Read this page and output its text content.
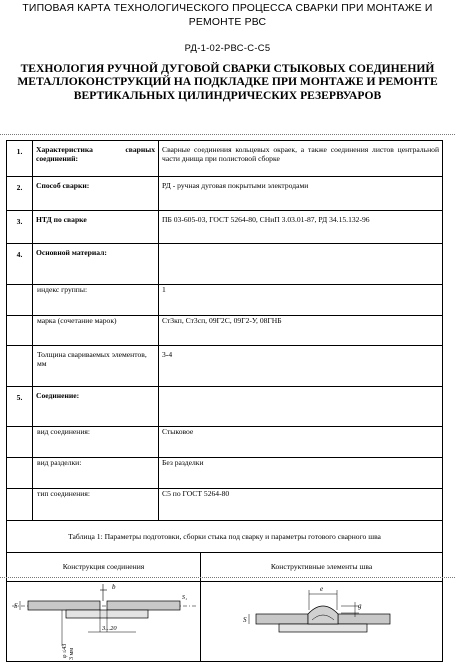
ТИПОВАЯ КАРТА ТЕХНОЛОГИЧЕСКОГО ПРОЦЕССА СВАРКИ ПРИ МОНТАЖЕ И РЕМОНТЕ РВС
РД-1-02-РВС-С-С5
ТЕХНОЛОГИЯ РУЧНОЙ ДУГОВОЙ СВАРКИ СТЫКОВЫХ СОЕДИНЕНИЙ МЕТАЛЛОКОНСТРУКЦИЙ НА ПОДКЛАДКЕ ПРИ МОНТАЖЕ И РЕМОНТЕ ВЕРТИКАЛЬНЫХ ЦИЛИНДРИЧЕСКИХ РЕЗЕРВУАРОВ
1.	Характеристика сварных соединений:	Сварные соединения кольцевых окраек, а также соединения листов центральной части днища при полистовой сборке	
2.	Способ сварки:	РД - ручная дуговая покрытыми электродами	
3.	НТД по сварке	ПБ 03-605-03, ГОСТ 5264-80, СНиП 3.03.01-87, РД 34.15.132-96	
4.	Основной материал:		
	индекс группы:	1	
	марка (сочетание марок)	Ст3кп, Ст3сп, 09Г2С, 09Г2-У, 08ГНБ	
	Толщина свариваемых элементов, мм	3-4	
5.	Соединение:		
	вид соединения:	Стыковое	
	вид разделки:	Без разделки	
	тип соединения:	С5 по ГОСТ 5264-80	
Таблица 1: Параметры подготовки, сборки стыка под сварку и параметры готового сварного шва			
Конструкция соединения			Конструктивные элементы шва

b
S
S₁
3...20
φ ≤43 3 мм
e
g
S
